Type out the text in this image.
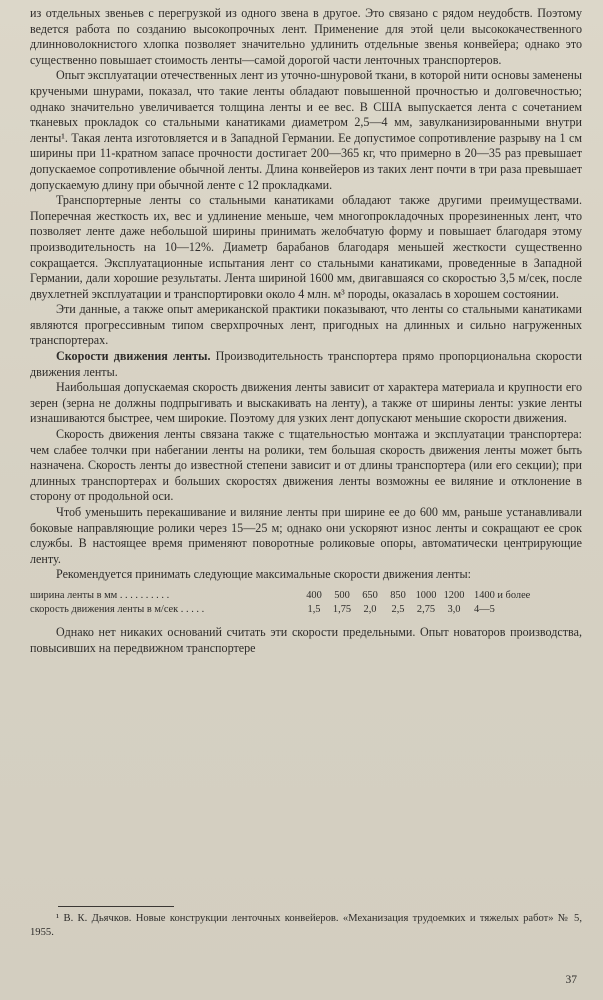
из отдельных звеньев с перегрузкой из одного звена в другое. Это связано с рядом неудобств. Поэтому ведется работа по созданию высокопрочных лент. Применение для этой цели высококачественного длинноволокнистого хлопка позволяет значительно удлинить отдельные звенья конвейера; однако это существенно повышает стоимость ленты—самой дорогой части ленточных транспортеров.

Опыт эксплуатации отечественных лент из уточно-шнуровой ткани, в которой нити основы заменены кручеными шнурами, показал, что такие ленты обладают повышенной прочностью и долговечностью; однако значительно увеличивается толщина ленты и ее вес. В США выпускается лента с сочетанием тканевых прокладок со стальными канатиками диаметром 2,5—4 мм, завулканизированными внутри ленты¹. Такая лента изготовляется и в Западной Германии. Ее допустимое сопротивление разрыву на 1 см ширины при 11-кратном запасе прочности достигает 200—365 кг, что примерно в 20—35 раз превышает допускаемое сопротивление обычной ленты. Длина конвейеров из таких лент почти в три раза превышает допускаемую длину при обычной ленте с 12 прокладками.

Транспортерные ленты со стальными канатиками обладают также другими преимуществами. Поперечная жесткость их, вес и удлинение меньше, чем многопрокладочных прорезиненных лент, что позволяет ленте даже небольшой ширины принимать желобчатую форму и повышает благодаря этому производительность на 10—12%. Диаметр барабанов благодаря меньшей жесткости существенно сокращается. Эксплуатационные испытания лент со стальными канатиками, проведенные в Западной Германии, дали хорошие результаты. Лента шириной 1600 мм, двигавшаяся со скоростью 3,5 м/сек, после двухлетней эксплуатации и транспортировки около 4 млн. м³ породы, оказалась в хорошем состоянии.

Эти данные, а также опыт американской практики показывают, что ленты со стальными канатиками являются прогрессивным типом сверхпрочных лент, пригодных на длинных и сильно нагруженных транспортерах.

Скорости движения ленты. Производительность транспортера прямо пропорциональна скорости движения ленты.

Наибольшая допускаемая скорость движения ленты зависит от характера материала и крупности его зерен (зерна не должны подпрыгивать и выскакивать на ленту), а также от ширины ленты: узкие ленты изнашиваются быстрее, чем широкие. Поэтому для узких лент допускают меньшие скорости движения.

Скорость движения ленты связана также с тщательностью монтажа и эксплуатации транспортера: чем слабее толчки при набегании ленты на ролики, тем большая скорость движения ленты может быть назначена. Скорость ленты до известной степени зависит и от длины транспортера (или его секции); при длинных транспортерах и больших скоростях движения ленты возможны ее виляние и отклонение в сторону от продольной оси.

Чтоб уменьшить перекашивание и виляние ленты при ширине ее до 600 мм, раньше устанавливали боковые направляющие ролики через 15—25 м; однако они ускоряют износ ленты и сокращают ее срок службы. В настоящее время применяют поворотные роликовые опоры, автоматически центрирующие ленту.

Рекомендуется принимать следующие максимальные скорости движения ленты:

ширина ленты в мм . . . . . . . . . .	400	500	650	850	1000	1200	1400 и более
скорость движения ленты в м/сек . . . . .	1,5	1,75	2,0	2,5	2,75	3,0	4—5

Однако нет никаких оснований считать эти скорости предельными. Опыт новаторов производства, повысивших на передвижном транспортере

¹ В. К. Дьячков. Новые конструкции ленточных конвейеров. «Механизация трудоемких и тяжелых работ» № 5, 1955.

37
